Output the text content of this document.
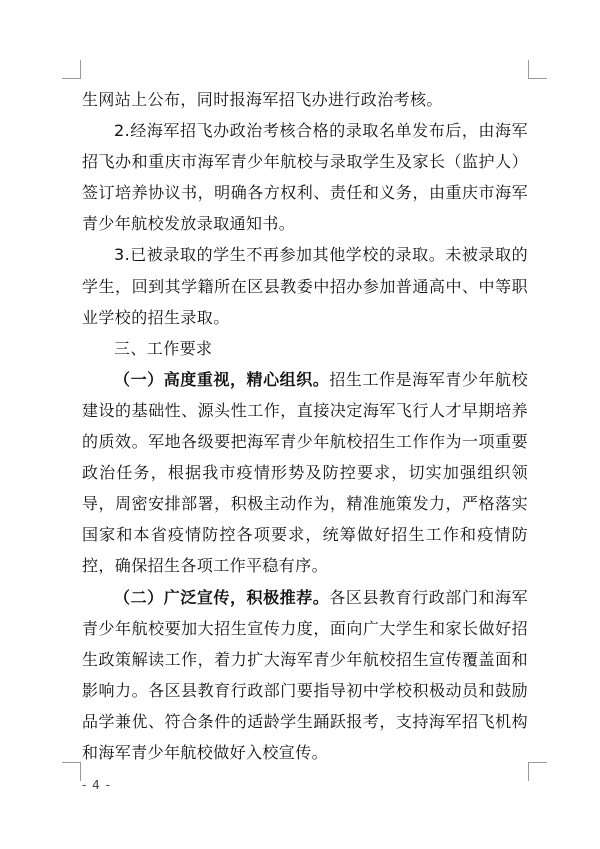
生网站上公布，同时报海军招飞办进行政治考核。

2.经海军招飞办政治考核合格的录取名单发布后，由海军招飞办和重庆市海军青少年航校与录取学生及家长（监护人）签订培养协议书，明确各方权利、责任和义务，由重庆市海军青少年航校发放录取通知书。

3.已被录取的学生不再参加其他学校的录取。未被录取的学生，回到其学籍所在区县教委中招办参加普通高中、中等职业学校的招生录取。

三、工作要求

（一）高度重视，精心组织。招生工作是海军青少年航校建设的基础性、源头性工作，直接决定海军飞行人才早期培养的质效。军地各级要把海军青少年航校招生工作作为一项重要政治任务，根据我市疫情形势及防控要求，切实加强组织领导，周密安排部署，积极主动作为，精准施策发力，严格落实国家和本省疫情防控各项要求，统筹做好招生工作和疫情防控，确保招生各项工作平稳有序。

（二）广泛宣传，积极推荐。各区县教育行政部门和海军青少年航校要加大招生宣传力度，面向广大学生和家长做好招生政策解读工作，着力扩大海军青少年航校招生宣传覆盖面和影响力。各区县教育行政部门要指导初中学校积极动员和鼓励品学兼优、符合条件的适龄学生踊跃报考，支持海军招飞机构和海军青少年航校做好入校宣传。

- 4 -
